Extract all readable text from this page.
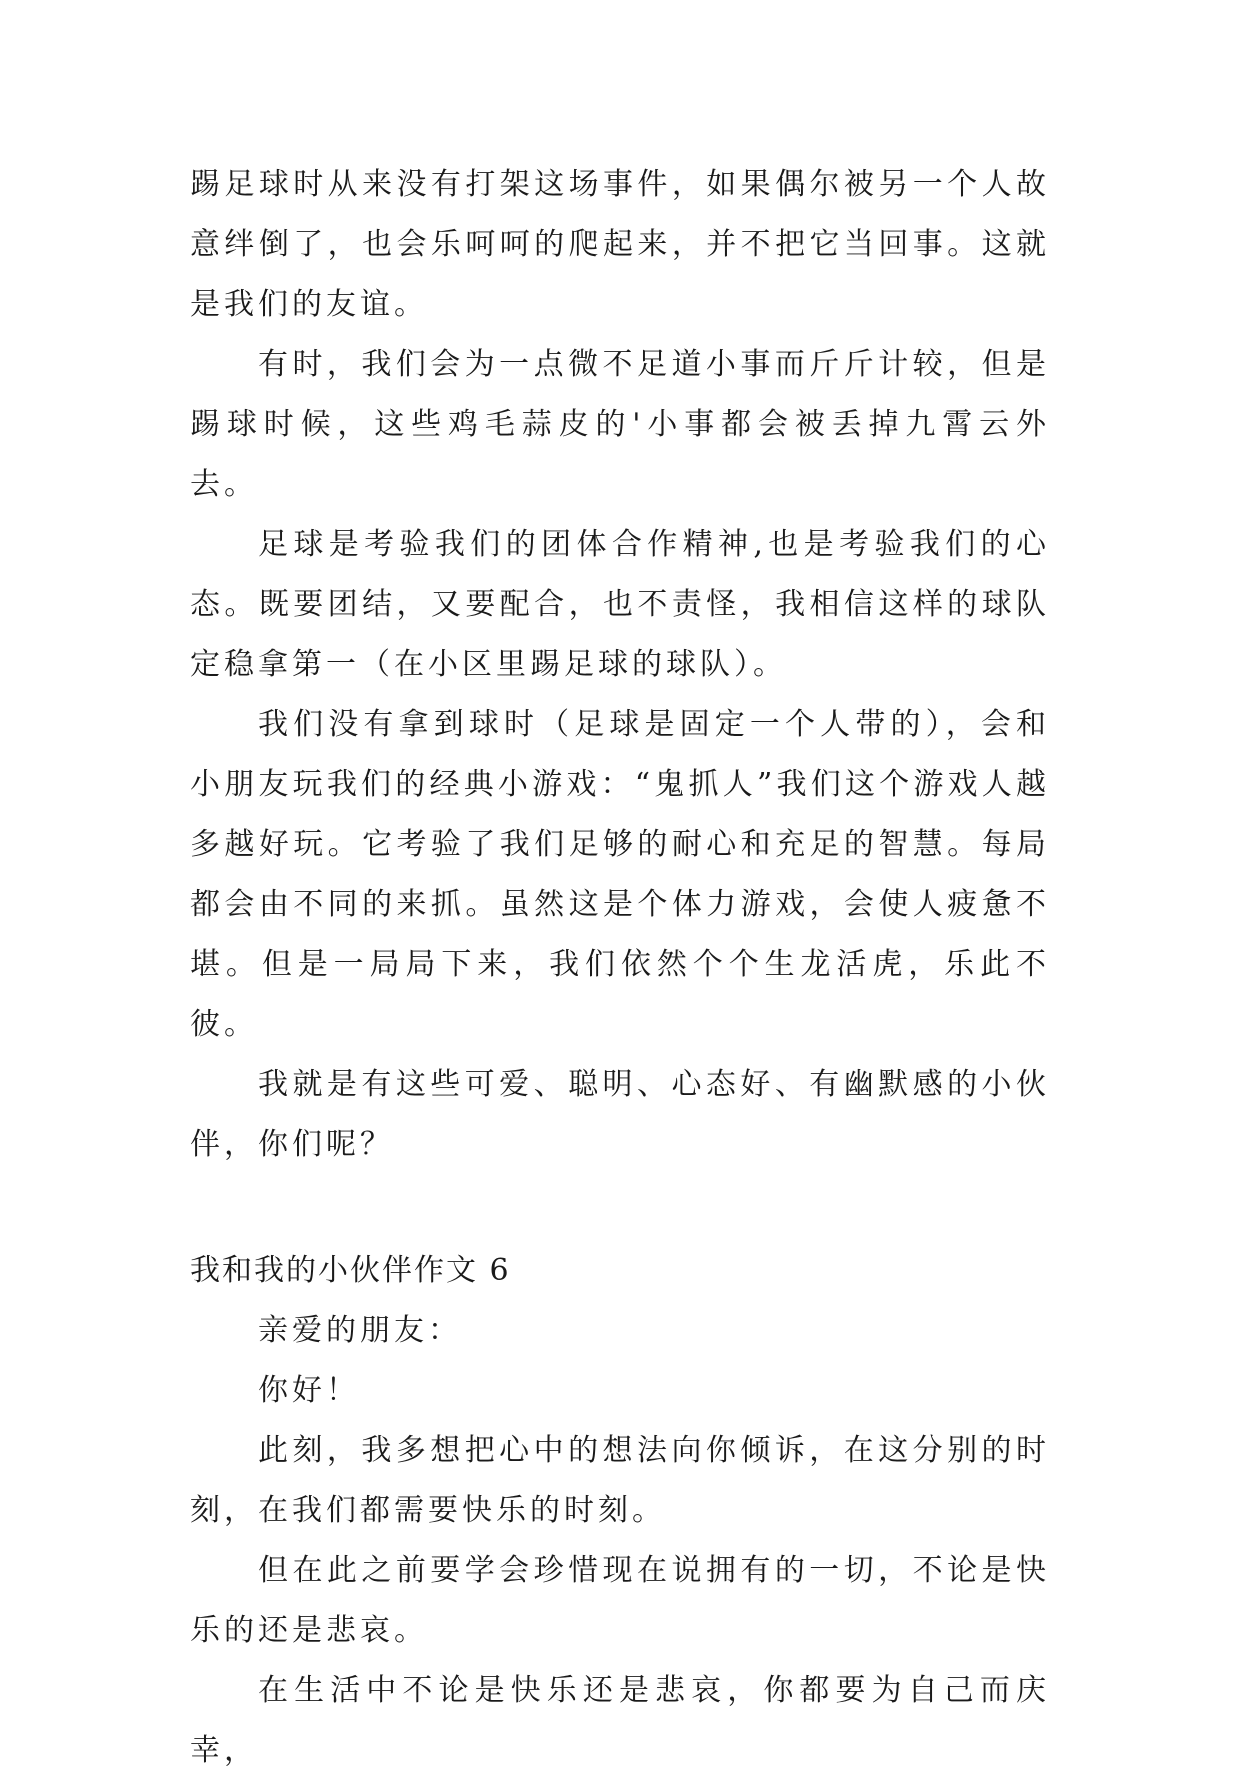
踢足球时从来没有打架这场事件，如果偶尔被另一个人故意绊倒了，也会乐呵呵的爬起来，并不把它当回事。这就是我们的友谊。

有时，我们会为一点微不足道小事而斤斤计较，但是踢球时候，这些鸡毛蒜皮的'小事都会被丢掉九霄云外去。

足球是考验我们的团体合作精神,也是考验我们的心态。既要团结，又要配合，也不责怪，我相信这样的球队定稳拿第一（在小区里踢足球的球队）。

我们没有拿到球时（足球是固定一个人带的），会和小朋友玩我们的经典小游戏：“鬼抓人”我们这个游戏人越多越好玩。它考验了我们足够的耐心和充足的智慧。每局都会由不同的来抓。虽然这是个体力游戏，会使人疲惫不堪。但是一局局下来，我们依然个个生龙活虎，乐此不彼。

我就是有这些可爱、聪明、心态好、有幽默感的小伙伴，你们呢？

我和我的小伙伴作文 6

亲爱的朋友：

你好！

此刻，我多想把心中的想法向你倾诉，在这分别的时刻，在我们都需要快乐的时刻。

但在此之前要学会珍惜现在说拥有的一切，不论是快乐的还是悲哀。

在生活中不论是快乐还是悲哀，你都要为自己而庆幸，
